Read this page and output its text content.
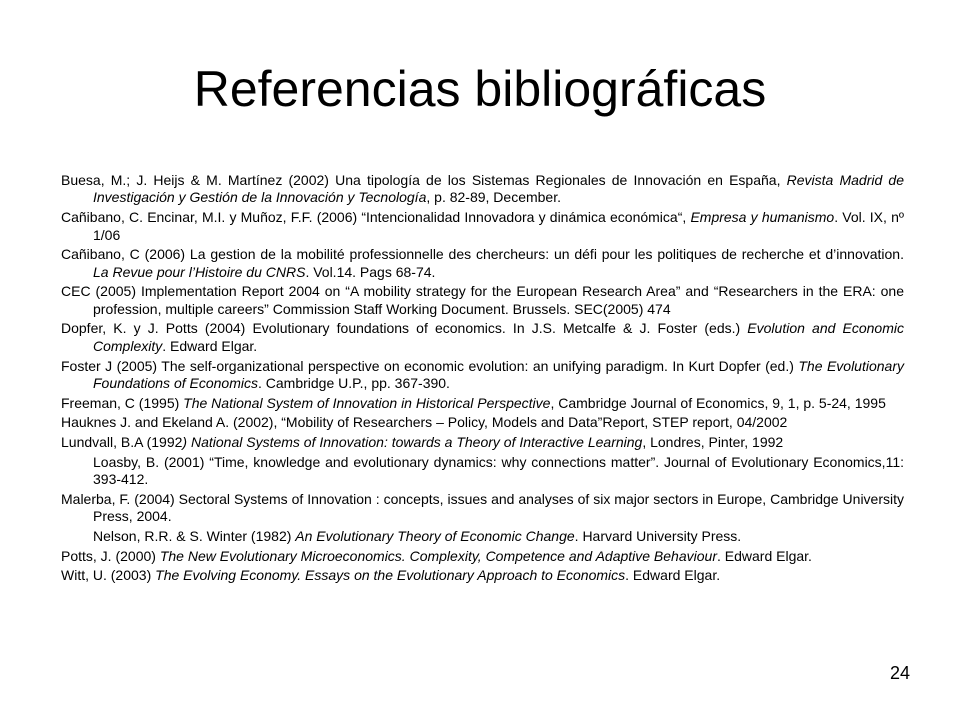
Referencias bibliográficas

Buesa, M.; J. Heijs & M. Martínez (2002) Una tipología de los Sistemas Regionales de Innovación en España, Revista Madrid de Investigación y Gestión de la Innovación y Tecnología, p. 82-89, December.

Cañibano, C. Encinar, M.I. y Muñoz, F.F. (2006) “Intencionalidad Innovadora y dinámica económica“, Empresa y humanismo. Vol. IX, nº 1/06

Cañibano, C (2006) La gestion de la mobilité professionnelle des chercheurs: un défi pour les politiques de recherche et d’innovation. La Revue pour l’Histoire du CNRS. Vol.14. Pags 68-74.

CEC (2005) Implementation Report 2004 on “A mobility strategy for the European Research Area” and “Researchers in the ERA: one profession, multiple careers” Commission Staff Working Document. Brussels. SEC(2005) 474

Dopfer, K. y J. Potts (2004) Evolutionary foundations of economics. In J.S. Metcalfe & J. Foster (eds.) Evolution and Economic Complexity. Edward Elgar.

Foster J (2005) The self-organizational perspective on economic evolution: an unifying paradigm. In Kurt Dopfer (ed.) The Evolutionary Foundations of Economics. Cambridge U.P., pp. 367-390.

Freeman, C (1995) The National System of Innovation in Historical Perspective, Cambridge Journal of Economics, 9, 1, p. 5-24, 1995

Hauknes J. and Ekeland A. (2002), “Mobility of Researchers – Policy, Models and Data”Report, STEP report, 04/2002

Lundvall, B.A (1992) National Systems of Innovation: towards a Theory of Interactive Learning, Londres, Pinter, 1992

Loasby, B. (2001) “Time, knowledge and evolutionary dynamics: why connections matter”. Journal of Evolutionary Economics,11: 393-412.

Malerba, F. (2004) Sectoral Systems of Innovation : concepts, issues and analyses of six major sectors in Europe, Cambridge University Press, 2004.

Nelson, R.R. & S. Winter (1982) An Evolutionary Theory of Economic Change. Harvard University Press.

Potts, J. (2000) The New Evolutionary Microeconomics. Complexity, Competence and Adaptive Behaviour. Edward Elgar.

Witt, U. (2003) The Evolving Economy. Essays on the Evolutionary Approach to Economics. Edward Elgar.

24
